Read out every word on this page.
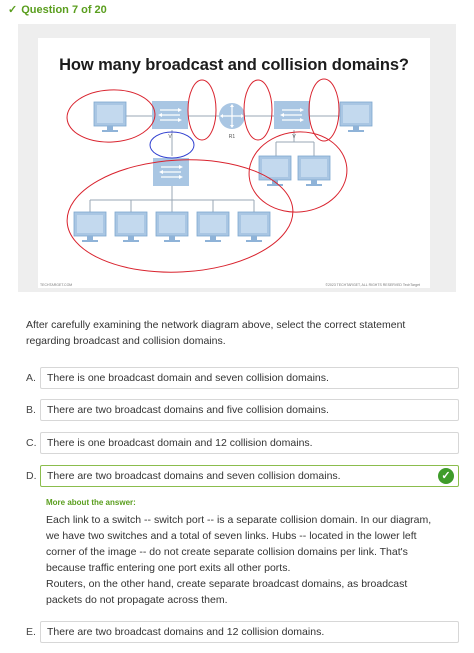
✓ Question 7 of 20
How many broadcast and collision domains?
V	R1	V
TECHTARGET.COM	©2023 TECHTARGET, ALL RIGHTS RESERVED TechTarget
After carefully examining the network diagram above, select the correct statement regarding broadcast and collision domains.
A. There is one broadcast domain and seven collision domains.
B. There are two broadcast domains and five collision domains.
C. There is one broadcast domain and 12 collision domains.
D. There are two broadcast domains and seven collision domains.	✓
More about the answer:

Each link to a switch -- switch port -- is a separate collision domain. In our diagram, we have two switches and a total of seven links. Hubs -- located in the lower left corner of the image -- do not create separate collision domains per link. That's because traffic entering one port exits all other ports.

Routers, on the other hand, create separate broadcast domains, as broadcast packets do not propagate across them.

E. There are two broadcast domains and 12 collision domains.
